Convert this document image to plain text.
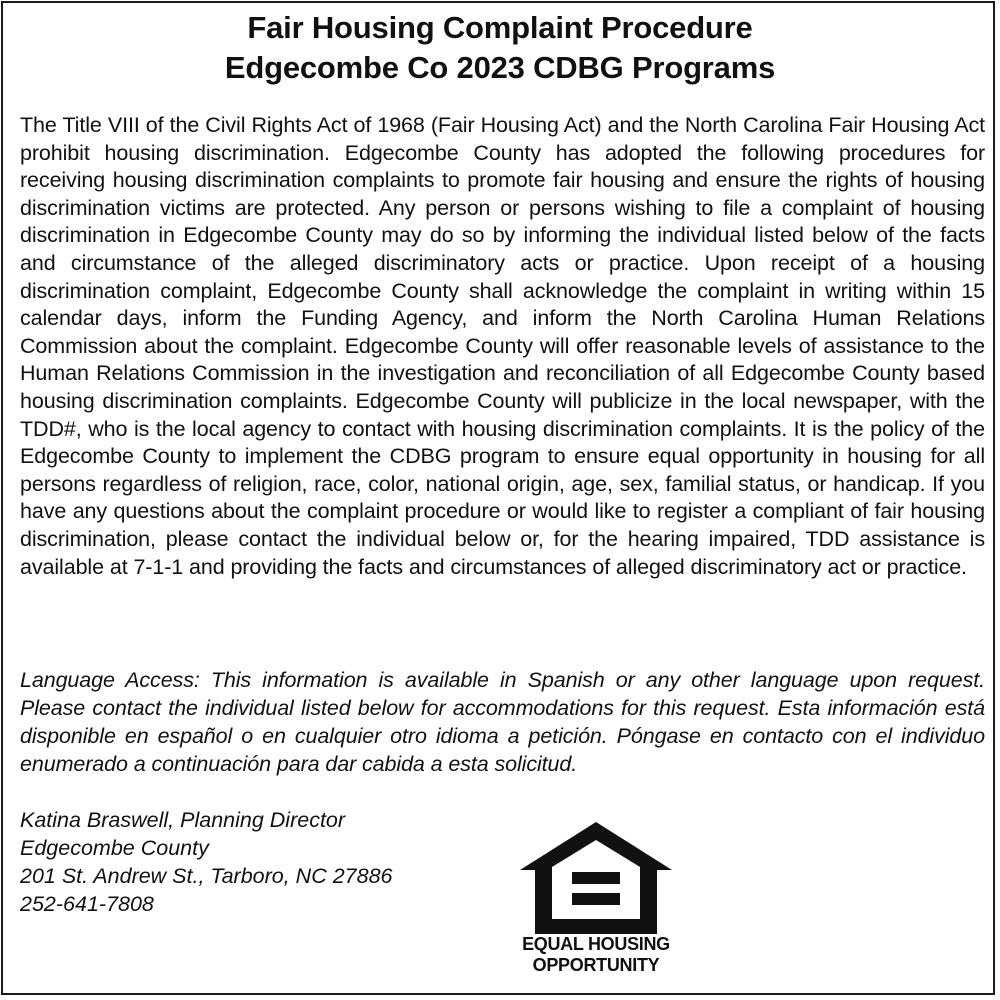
Fair Housing Complaint Procedure
Edgecombe Co 2023 CDBG Programs
The Title VIII of the Civil Rights Act of 1968 (Fair Housing Act) and the North Carolina Fair Housing Act prohibit housing discrimination. Edgecombe County has adopted the following procedures for receiving housing discrimination complaints to promote fair housing and ensure the rights of housing discrimination victims are protected. Any person or persons wishing to file a complaint of housing discrimination in Edgecombe County may do so by informing the individual listed below of the facts and circumstance of the alleged discriminatory acts or practice. Upon receipt of a housing discrimination complaint, Edgecombe County shall acknowledge the complaint in writing within 15 calendar days, inform the Funding Agency, and inform the North Carolina Human Relations Commission about the complaint. Edgecombe County will offer reasonable levels of assistance to the Human Relations Commission in the investigation and reconciliation of all Edgecombe County based housing discrimination complaints. Edgecombe County will publicize in the local newspaper, with the TDD#, who is the local agency to contact with housing discrimination complaints. It is the policy of the Edgecombe County to implement the CDBG program to ensure equal opportunity in housing for all persons regardless of religion, race, color, national origin, age, sex, familial status, or handicap. If you have any questions about the complaint procedure or would like to register a compliant of fair housing discrimination, please contact the individual below or, for the hearing impaired, TDD assistance is available at 7-1-1 and providing the facts and circumstances of alleged discriminatory act or practice.
Language Access: This information is available in Spanish or any other language upon request. Please contact the individual listed below for accommodations for this request. Esta información está disponible en español o en cualquier otro idioma a petición. Póngase en contacto con el individuo enumerado a continuación para dar cabida a esta solicitud.
Katina Braswell, Planning Director
Edgecombe County
201 St. Andrew St., Tarboro, NC 27886
252-641-7808
EQUAL HOUSING
OPPORTUNITY
